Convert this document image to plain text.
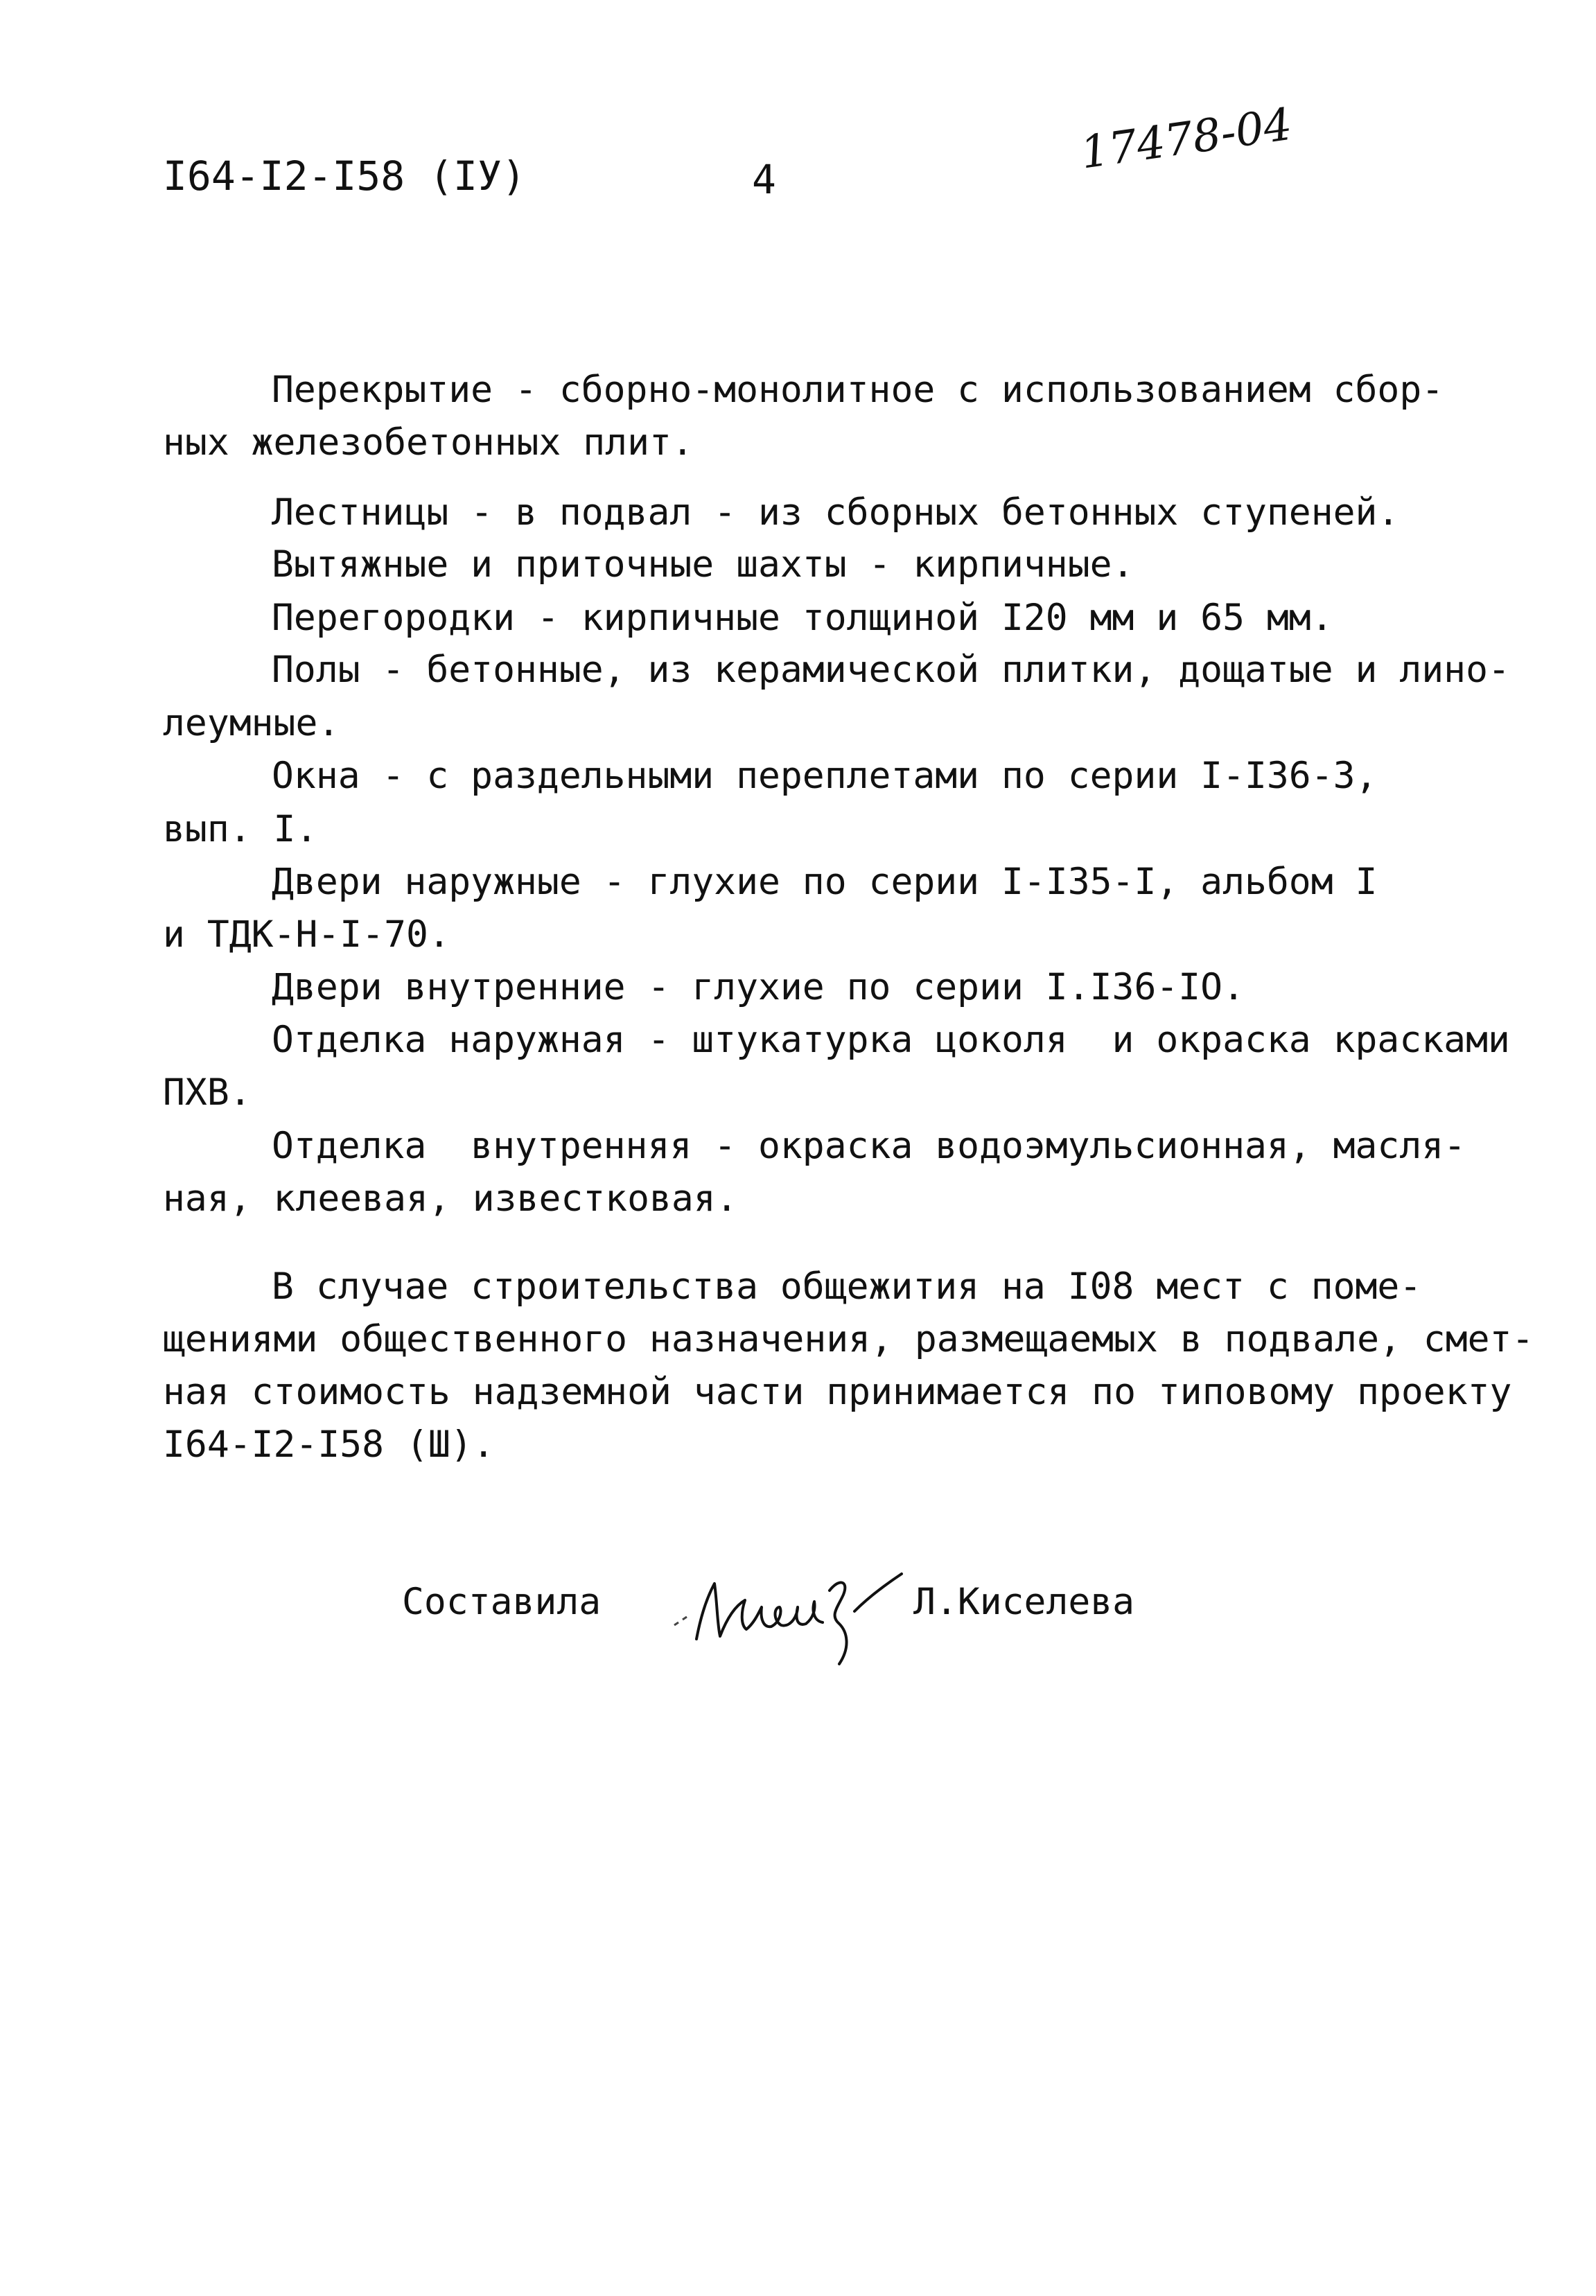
I64-I2-I58 (IУ)	4
17478-04
Перекрытие - сборно-монолитное с использованием сбор-
ных железобетонных плит.
Лестницы - в подвал - из сборных бетонных ступеней.
Вытяжные и приточные шахты - кирпичные.
Перегородки - кирпичные толщиной I20 мм и 65 мм.
Полы - бетонные, из керамической плитки, дощатые и лино-
леумные.
Окна - с раздельными переплетами по серии I-I36-3,
вып. I.
Двери наружные - глухие по серии I-I35-I, альбом I
и ТДК-Н-I-70.
Двери внутренние - глухие по серии I.I36-IO.
Отделка наружная - штукатурка цоколя  и окраска красками
ПХВ.
Отделка  внутренняя - окраска водоэмульсионная, масля-
ная, клеевая, известковая.
В случае строительства общежития на I08 мест с поме-
щениями общественного назначения, размещаемых в подвале, смет-
ная стоимость надземной части принимается по типовому проекту
I64-I2-I58 (Ш).
Составила	Л.Киселева
